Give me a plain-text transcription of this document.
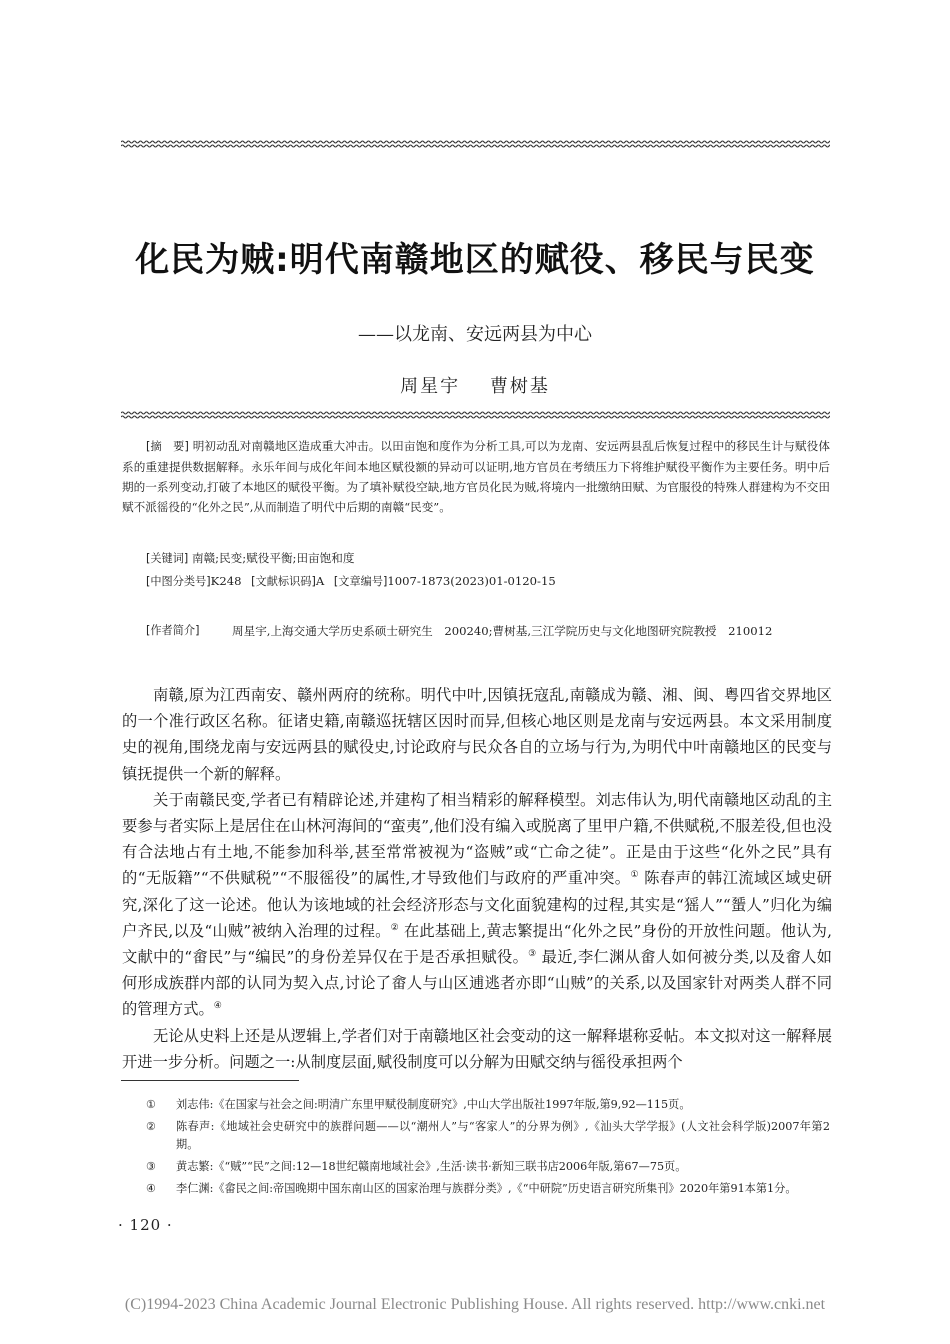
化民为贼:明代南赣地区的赋役、移民与民变
——以龙南、安远两县为中心
周星宇 曹树基
[摘　要] 明初动乱对南赣地区造成重大冲击。以田亩饱和度作为分析工具,可以为龙南、安远两县乱后恢复过程中的移民生计与赋役体系的重建提供数据解释。永乐年间与成化年间本地区赋役额的异动可以证明,地方官员在考绩压力下将维护赋役平衡作为主要任务。明中后期的一系列变动,打破了本地区的赋役平衡。为了填补赋役空缺,地方官员化民为贼,将境内一批缴纳田赋、为官服役的特殊人群建构为不交田赋不派徭役的“化外之民”,从而制造了明代中后期的南赣“民变”。
[关键词] 南赣;民变;赋役平衡;田亩饱和度
[中图分类号]K248 [文献标识码]A [文章编号]1007-1873(2023)01-0120-15
[作者简介]	周星宇,上海交通大学历史系硕士研究生　200240;曹树基,三江学院历史与文化地图研究院教授　210012

南赣,原为江西南安、赣州两府的统称。明代中叶,因镇抚寇乱,南赣成为赣、湘、闽、粤四省交界地区的一个准行政区名称。征诸史籍,南赣巡抚辖区因时而异,但核心地区则是龙南与安远两县。本文采用制度史的视角,围绕龙南与安远两县的赋役史,讨论政府与民众各自的立场与行为,为明代中叶南赣地区的民变与镇抚提供一个新的解释。

关于南赣民变,学者已有精辟论述,并建构了相当精彩的解释模型。刘志伟认为,明代南赣地区动乱的主要参与者实际上是居住在山林河海间的“蛮夷”,他们没有编入或脱离了里甲户籍,不供赋税,不服差役,但也没有合法地占有土地,不能参加科举,甚至常常被视为“盗贼”或“亡命之徒”。正是由于这些“化外之民”具有的“无版籍”“不供赋税”“不服徭役”的属性,才导致他们与政府的严重冲突。① 陈春声的韩江流域区域史研究,深化了这一论述。他认为该地域的社会经济形态与文化面貌建构的过程,其实是“猺人”“蜑人”归化为编户齐民,以及“山贼”被纳入治理的过程。② 在此基础上,黄志繁提出“化外之民”身份的开放性问题。他认为,文献中的“畲民”与“编民”的身份差异仅在于是否承担赋役。③ 最近,李仁渊从畲人如何被分类,以及畲人如何形成族群内部的认同为契入点,讨论了畲人与山区逋逃者亦即“山贼”的关系,以及国家针对两类人群不同的管理方式。④

无论从史料上还是从逻辑上,学者们对于南赣地区社会变动的这一解释堪称妥帖。本文拟对这一解释展开进一步分析。问题之一:从制度层面,赋役制度可以分解为田赋交纳与徭役承担两个

①	刘志伟:《在国家与社会之间:明清广东里甲赋役制度研究》,中山大学出版社1997年版,第9,92—115页。
②	陈春声:《地域社会史研究中的族群问题——以“潮州人”与“客家人”的分界为例》,《汕头大学学报》(人文社会科学版)2007年第2期。
③	黄志繁:《“贼”“民”之间:12—18世纪赣南地域社会》,生活·读书·新知三联书店2006年版,第67—75页。
④	李仁渊:《畲民之间:帝国晚期中国东南山区的国家治理与族群分类》,《“中研院”历史语言研究所集刊》2020年第91本第1分。
· 120 ·
(C)1994-2023 China Academic Journal Electronic Publishing House. All rights reserved. http://www.cnki.net
